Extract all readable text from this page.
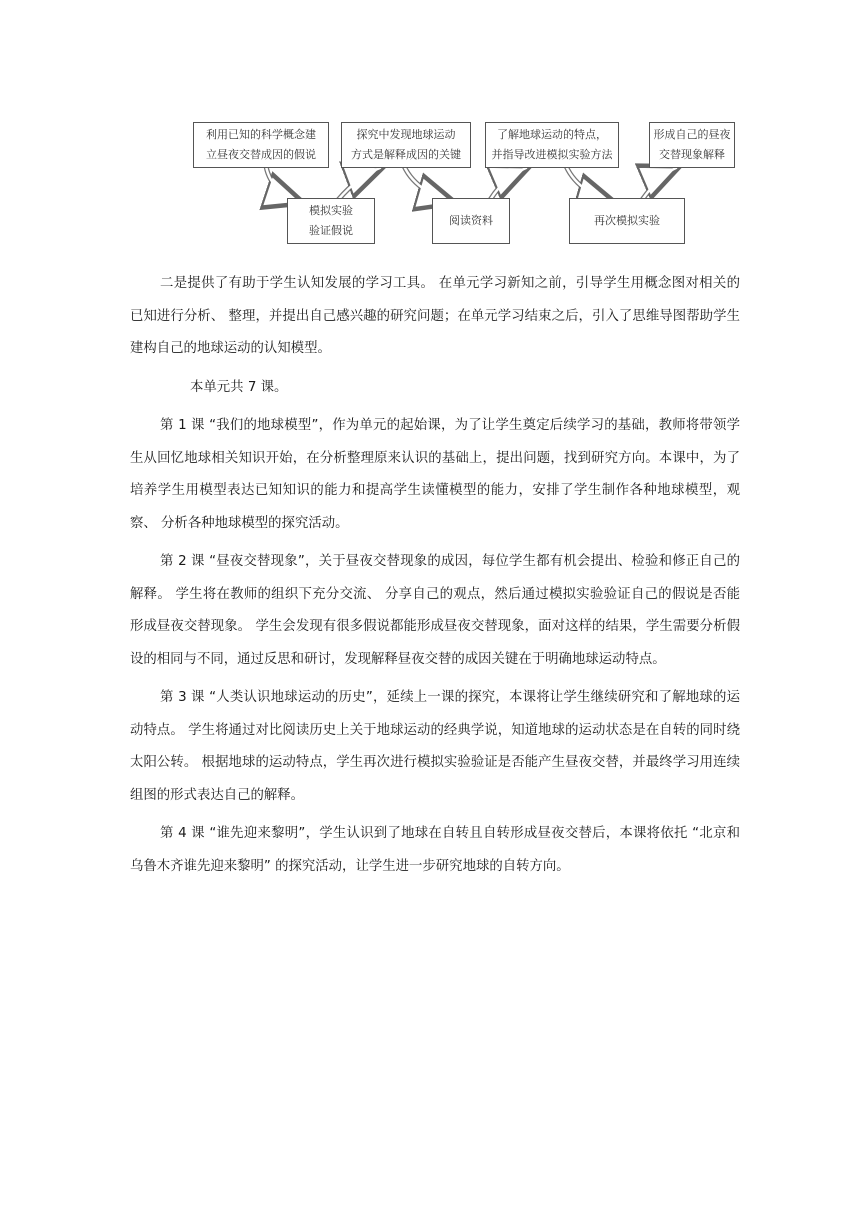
利用已知的科学概念建
立昼夜交替成因的假说
探究中发现地球运动
方式是解释成因的关键
了解地球运动的特点，
并指导改进模拟实验方法
形成自己的昼夜
交替现象解释
模拟实验
验证假说
阅读资料	再次模拟实验

二是提供了有助于学生认知发展的学习工具。 在单元学习新知之前，引导学生用概念图对相关的已知进行分析、 整理，并提出自己感兴趣的研究问题；在单元学习结束之后，引入了思维导图帮助学生建构自己的地球运动的认知模型。

本单元共 7 课。

第 1 课 “我们的地球模型”，作为单元的起始课，为了让学生奠定后续学习的基础，教师将带领学生从回忆地球相关知识开始，在分析整理原来认识的基础上，提出问题，找到研究方向。本课中，为了培养学生用模型表达已知知识的能力和提高学生读懂模型的能力，安排了学生制作各种地球模型，观察、 分析各种地球模型的探究活动。

第 2 课 “昼夜交替现象”，关于昼夜交替现象的成因，每位学生都有机会提出、检验和修正自己的解释。 学生将在教师的组织下充分交流、 分享自己的观点，然后通过模拟实验验证自己的假说是否能形成昼夜交替现象。 学生会发现有很多假说都能形成昼夜交替现象，面对这样的结果，学生需要分析假设的相同与不同，通过反思和研讨，发现解释昼夜交替的成因关键在于明确地球运动特点。

第 3 课 “人类认识地球运动的历史”，延续上一课的探究，本课将让学生继续研究和了解地球的运动特点。 学生将通过对比阅读历史上关于地球运动的经典学说，知道地球的运动状态是在自转的同时绕太阳公转。 根据地球的运动特点，学生再次进行模拟实验验证是否能产生昼夜交替，并最终学习用连续组图的形式表达自己的解释。

第 4 课 “谁先迎来黎明”，学生认识到了地球在自转且自转形成昼夜交替后，本课将依托 “北京和乌鲁木齐谁先迎来黎明” 的探究活动，让学生进一步研究地球的自转方向。
